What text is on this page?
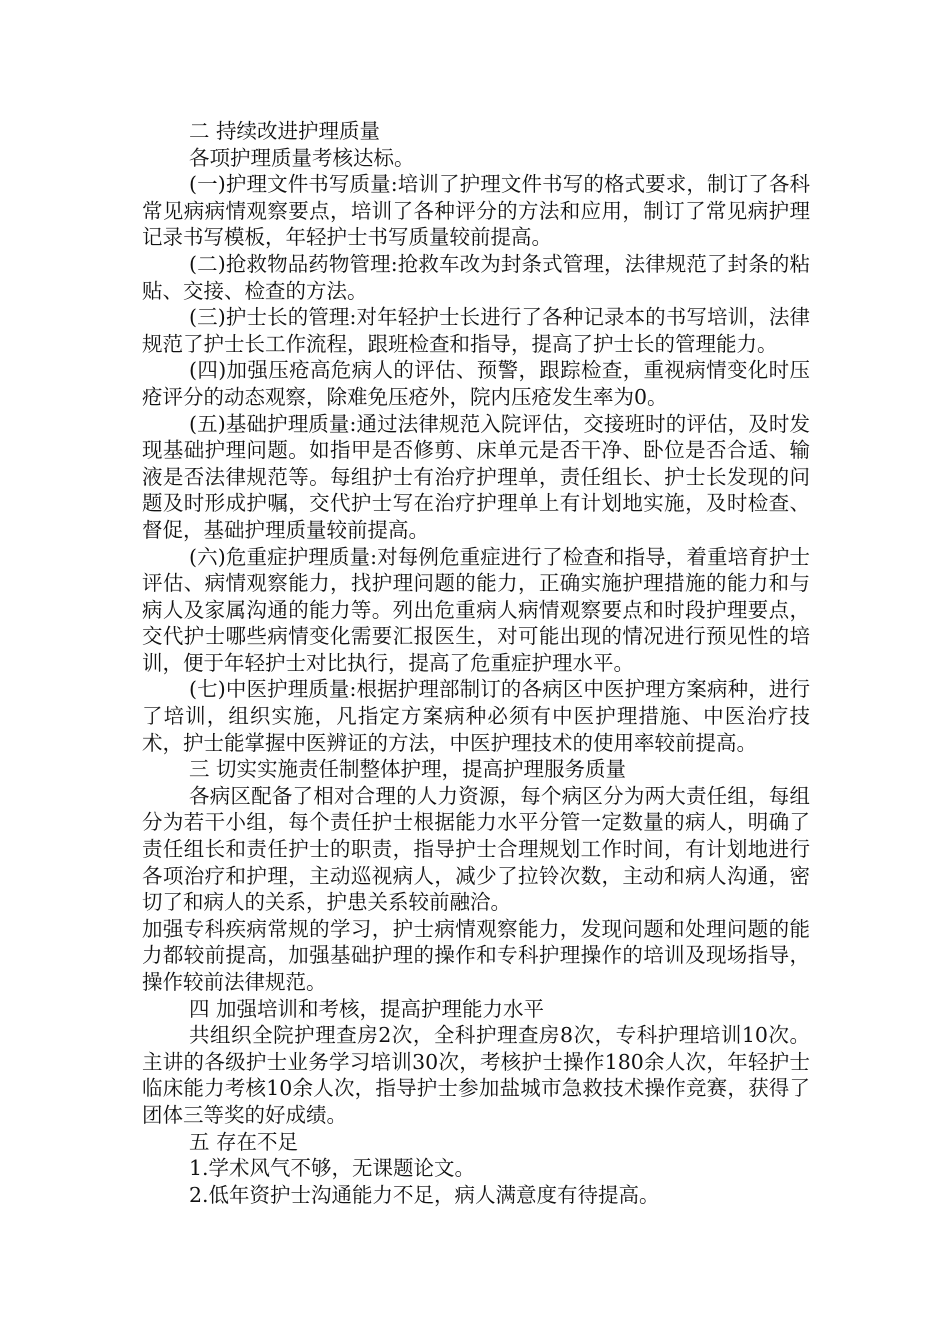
二 持续改进护理质量

各项护理质量考核达标。

(一)护理文件书写质量:培训了护理文件书写的格式要求，制订了各科常见病病情观察要点，培训了各种评分的方法和应用，制订了常见病护理记录书写模板，年轻护士书写质量较前提高。

(二)抢救物品药物管理:抢救车改为封条式管理，法律规范了封条的粘贴、交接、检查的方法。

(三)护士长的管理:对年轻护士长进行了各种记录本的书写培训，法律规范了护士长工作流程，跟班检查和指导，提高了护士长的管理能力。

(四)加强压疮高危病人的评估、预警，跟踪检查，重视病情变化时压疮评分的动态观察，除难免压疮外，院内压疮发生率为0。

(五)基础护理质量:通过法律规范入院评估，交接班时的评估，及时发现基础护理问题。如指甲是否修剪、床单元是否干净、卧位是否合适、输液是否法律规范等。每组护士有治疗护理单，责任组长、护士长发现的问题及时形成护嘱，交代护士写在治疗护理单上有计划地实施，及时检查、督促，基础护理质量较前提高。

(六)危重症护理质量:对每例危重症进行了检查和指导，着重培育护士评估、病情观察能力，找护理问题的能力，正确实施护理措施的能力和与病人及家属沟通的能力等。列出危重病人病情观察要点和时段护理要点，交代护士哪些病情变化需要汇报医生，对可能出现的情况进行预见性的培训，便于年轻护士对比执行，提高了危重症护理水平。

(七)中医护理质量:根据护理部制订的各病区中医护理方案病种，进行了培训，组织实施，凡指定方案病种必须有中医护理措施、中医治疗技术，护士能掌握中医辨证的方法，中医护理技术的使用率较前提高。

三 切实实施责任制整体护理，提高护理服务质量

各病区配备了相对合理的人力资源，每个病区分为两大责任组，每组分为若干小组，每个责任护士根据能力水平分管一定数量的病人，明确了责任组长和责任护士的职责，指导护士合理规划工作时间，有计划地进行各项治疗和护理，主动巡视病人，减少了拉铃次数，主动和病人沟通，密切了和病人的关系，护患关系较前融洽。

加强专科疾病常规的学习，护士病情观察能力，发现问题和处理问题的能力都较前提高，加强基础护理的操作和专科护理操作的培训及现场指导，操作较前法律规范。

四 加强培训和考核，提高护理能力水平

共组织全院护理查房2次，全科护理查房8次，专科护理培训10次。主讲的各级护士业务学习培训30次，考核护士操作180余人次，年轻护士临床能力考核10余人次，指导护士参加盐城市急救技术操作竞赛，获得了团体三等奖的好成绩。

五 存在不足

1.学术风气不够，无课题论文。

2.低年资护士沟通能力不足，病人满意度有待提高。
